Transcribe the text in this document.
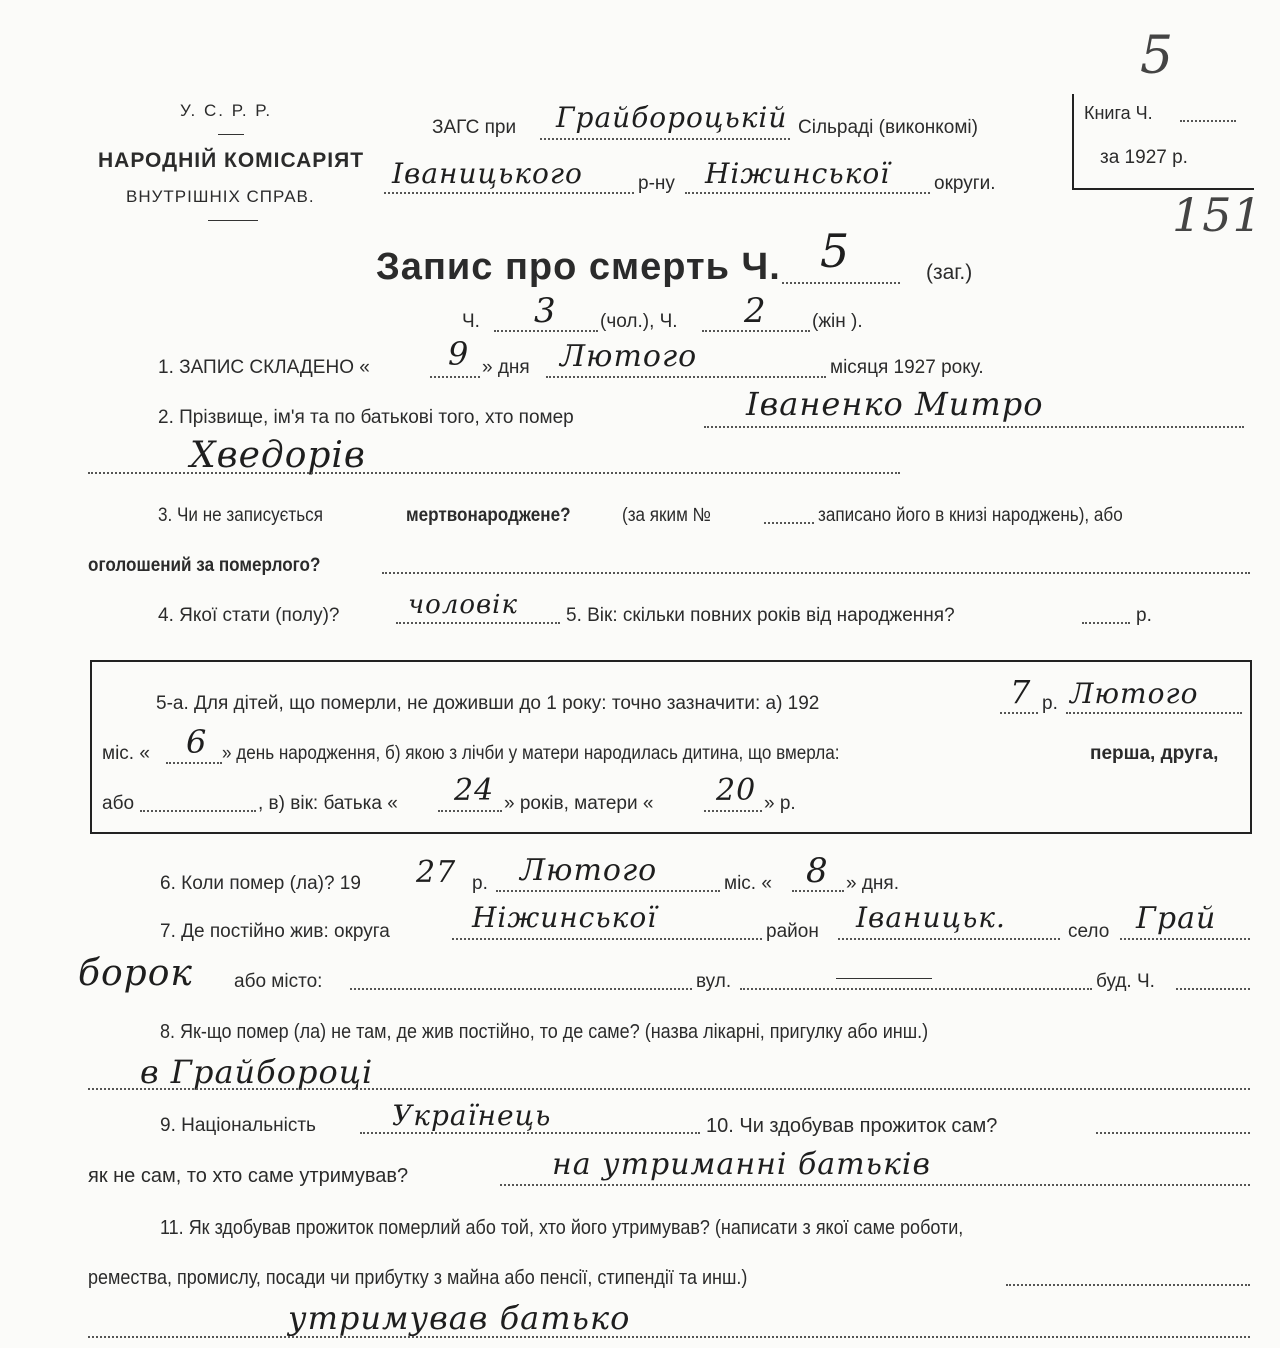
5
151
У. С. Р. Р.
НАРОДНІЙ КОМІСАРІЯТ
ВНУТРІШНІХ СПРАВ.
ЗАГС при Грайбороцькій Сільраді (виконкомі)
Іваницького	р-ну Ніжинської округи.
Книга Ч.
за 1927 р.
Запис про смерть Ч. 5	(заг.)
Ч. 3 (чол.), Ч. 2 (жін ).
1. ЗАПИС СКЛАДЕНО « 9 » дня Лютого	місяця 1927 року.
2. Прізвище, ім'я та по батькові того, хто помер	Іваненко Митро
Хведорів
3. Чи не записується	мертвонароджене?	(за яким №	записано його в книзі народжень), або
оголошений за померлого?
4. Якої стати (полу)?	чоловік	5. Вік: скільки повних років від народження?	р.
5-а. Для дітей, що померли, не доживши до 1 року: точно зазначити: а) 192	7 р. Лютого
міс. « 6 » день народження, б) якою з лічби у матери народилась дитина, що вмерла:	перша, друга,
або	, в) вік: батька « 24 » років, матери « 20 » р.
6. Коли помер (ла)? 19 27 р. Лютого	міс. « 8 » дня.
7. Де постійно жив: округа	Ніжинської	район Іваницьк.	село Грай
борок або місто:	вул.	буд. Ч.
8. Як-що помер (ла) не там, де жив постійно, то де саме? (назва лікарні, пригулку або инш.)
в Грайбороці
9. Національність	Українець	10. Чи здобував прожиток сам?
як не сам, то хто саме утримував?	на утриманні батьків
11. Як здобував прожиток померлий або той, хто його утримував? (написати з якої саме роботи,
ремества, промислу, посади чи прибутку з майна або пенсії, стипендії та инш.)
утримував батько
